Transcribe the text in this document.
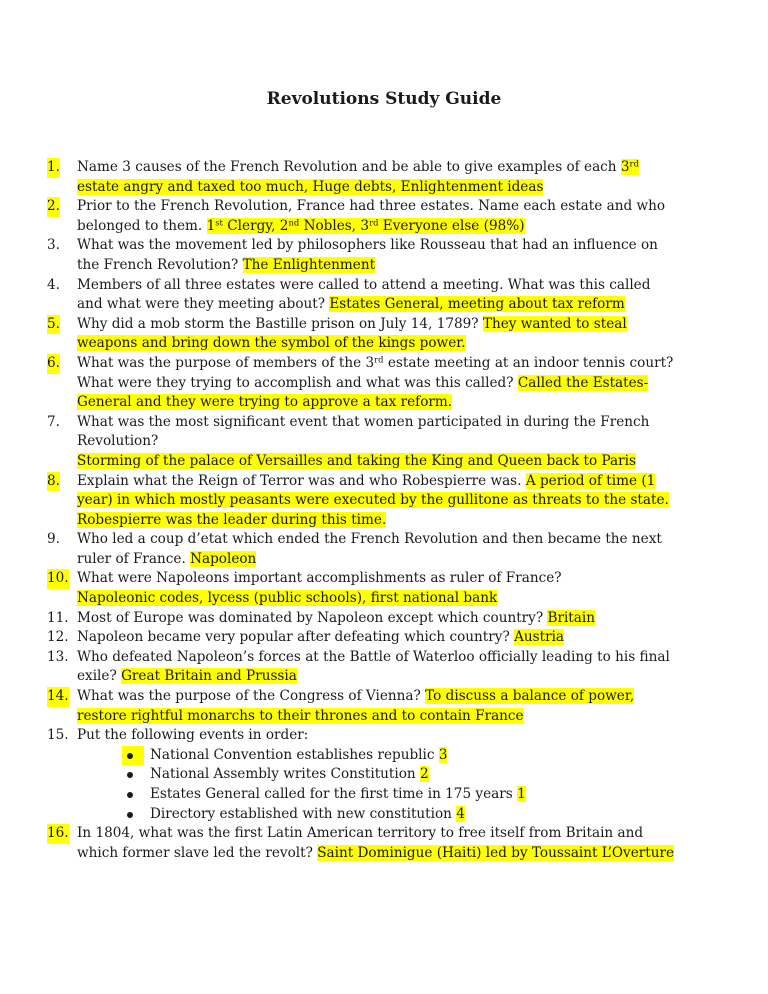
Revolutions Study Guide
1. Name 3 causes of the French Revolution and be able to give examples of each 3rd estate angry and taxed too much, Huge debts, Enlightenment ideas
2. Prior to the French Revolution, France had three estates. Name each estate and who belonged to them. 1st Clergy, 2nd Nobles, 3rd Everyone else (98%)
3. What was the movement led by philosophers like Rousseau that had an influence on the French Revolution? The Enlightenment
4. Members of all three estates were called to attend a meeting. What was this called and what were they meeting about? Estates General, meeting about tax reform
5. Why did a mob storm the Bastille prison on July 14, 1789? They wanted to steal weapons and bring down the symbol of the kings power.
6. What was the purpose of members of the 3rd estate meeting at an indoor tennis court? What were they trying to accomplish and what was this called? Called the Estates-General and they were trying to approve a tax reform.
7. What was the most significant event that women participated in during the French Revolution?
Storming of the palace of Versailles and taking the King and Queen back to Paris
8. Explain what the Reign of Terror was and who Robespierre was. A period of time (1 year) in which mostly peasants were executed by the gullitone as threats to the state. Robespierre was the leader during this time.
9. Who led a coup d’etat which ended the French Revolution and then became the next ruler of France. Napoleon
10. What were Napoleons important accomplishments as ruler of France?
Napoleonic codes, lycess (public schools), first national bank
11. Most of Europe was dominated by Napoleon except which country? Britain
12. Napoleon became very popular after defeating which country? Austria
13. Who defeated Napoleon’s forces at the Battle of Waterloo officially leading to his final exile? Great Britain and Prussia
14. What was the purpose of the Congress of Vienna? To discuss a balance of power, restore rightful monarchs to their thrones and to contain France
15. Put the following events in order:
National Convention establishes republic 3
National Assembly writes Constitution 2
Estates General called for the first time in 175 years 1
Directory established with new constitution 4
16. In 1804, what was the first Latin American territory to free itself from Britain and which former slave led the revolt? Saint Dominigue (Haiti) led by Toussaint L’Overture
